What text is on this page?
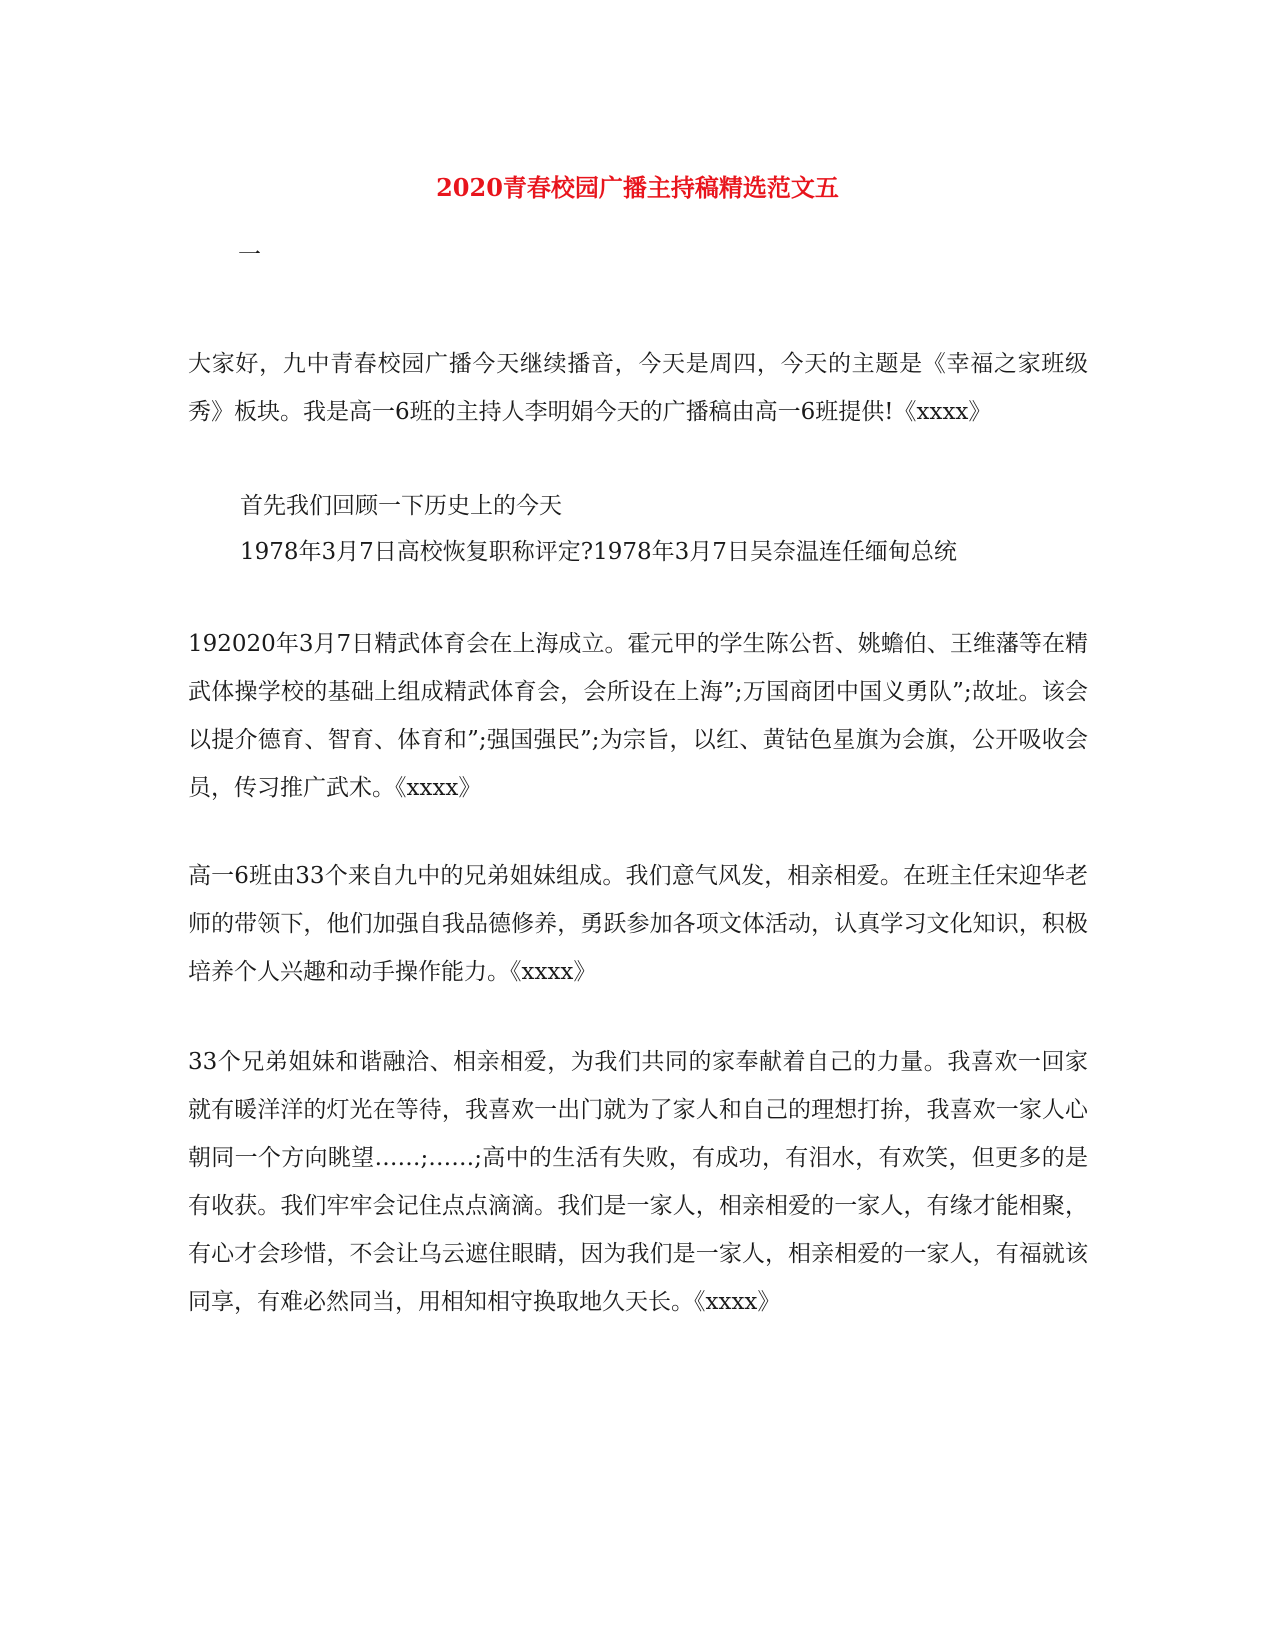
2020青春校园广播主持稿精选范文五
一
大家好，九中青春校园广播今天继续播音，今天是周四，今天的主题是《幸福之家班级秀》板块。我是高一6班的主持人李明娟今天的广播稿由高一6班提供!《xxxx》
首先我们回顾一下历史上的今天
1978年3月7日高校恢复职称评定?1978年3月7日吴奈温连任缅甸总统
192020年3月7日精武体育会在上海成立。霍元甲的学生陈公哲、姚蟾伯、王维藩等在精武体操学校的基础上组成精武体育会，会所设在上海”;万国商团中国义勇队”;故址。该会以提介德育、智育、体育和”;强国强民”;为宗旨，以红、黄钴色星旗为会旗，公开吸收会员，传习推广武术。《xxxx》
高一6班由33个来自九中的兄弟姐妹组成。我们意气风发，相亲相爱。在班主任宋迎华老师的带领下，他们加强自我品德修养，勇跃参加各项文体活动，认真学习文化知识，积极培养个人兴趣和动手操作能力。《xxxx》
33个兄弟姐妹和谐融洽、相亲相爱，为我们共同的家奉献着自己的力量。我喜欢一回家就有暖洋洋的灯光在等待，我喜欢一出门就为了家人和自己的理想打拚，我喜欢一家人心朝同一个方向眺望……;……;高中的生活有失败，有成功，有泪水，有欢笑，但更多的是有收获。我们牢牢会记住点点滴滴。我们是一家人，相亲相爱的一家人，有缘才能相聚，有心才会珍惜，不会让乌云遮住眼睛，因为我们是一家人，相亲相爱的一家人，有福就该同享，有难必然同当，用相知相守换取地久天长。《xxxx》
